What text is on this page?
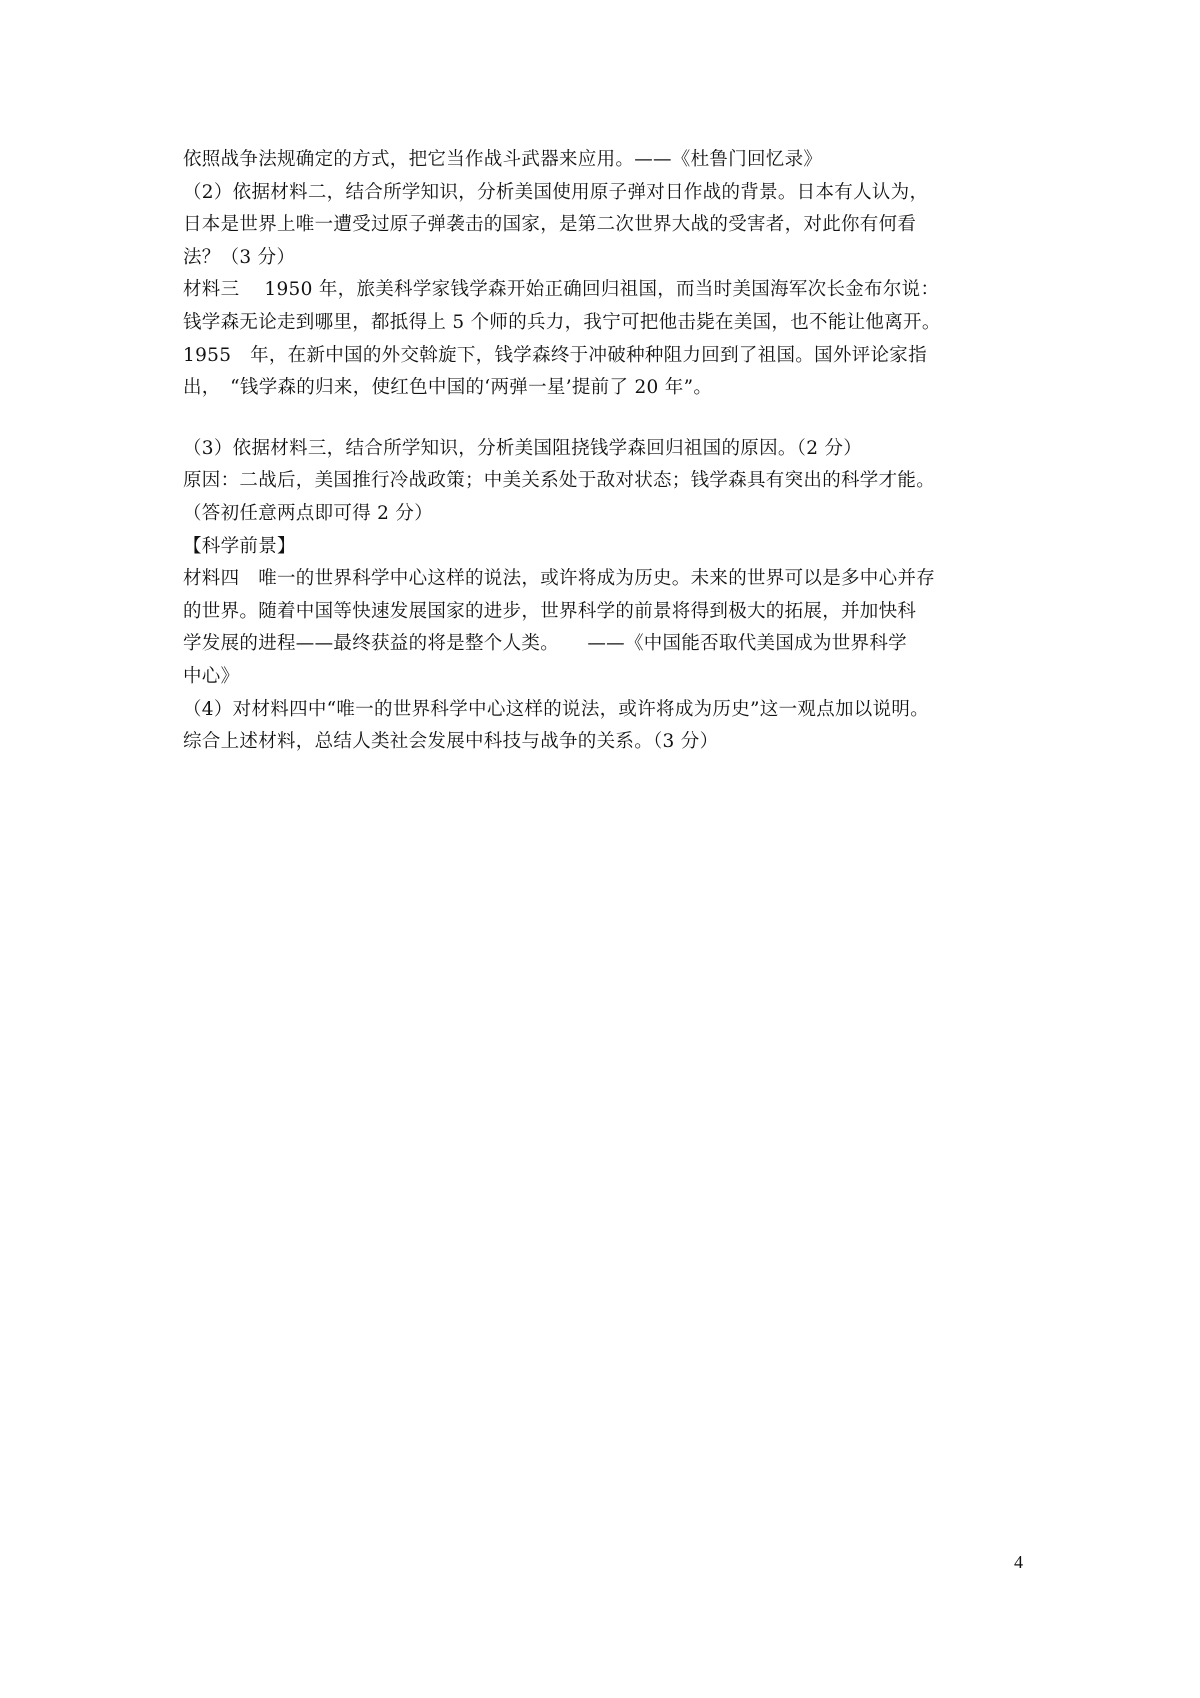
依照战争法规确定的方式，把它当作战斗武器来应用。——《杜鲁门回忆录》
（2）依据材料二，结合所学知识，分析美国使用原子弹对日作战的背景。日本有人认为，
日本是世界上唯一遭受过原子弹袭击的国家，是第二次世界大战的受害者，对此你有何看
法？（3 分）
材料三　 1950 年，旅美科学家钱学森开始正确回归祖国，而当时美国海军次长金布尔说：
钱学森无论走到哪里，都抵得上 5 个师的兵力，我宁可把他击毙在美国，也不能让他离开。
1955　年，在新中国的外交斡旋下，钱学森终于冲破种种阻力回到了祖国。国外评论家指
出，　“钱学森的归来，使红色中国的‘两弹一星’提前了 20 年”。
（3）依据材料三，结合所学知识，分析美国阻挠钱学森回归祖国的原因。（2 分）
原因：二战后，美国推行冷战政策；中美关系处于敌对状态；钱学森具有突出的科学才能。
（答初任意两点即可得 2 分）
【科学前景】
材料四　唯一的世界科学中心这样的说法，或许将成为历史。未来的世界可以是多中心并存
的世界。随着中国等快速发展国家的进步，世界科学的前景将得到极大的拓展，并加快科
学发展的进程——最终获益的将是整个人类。　　——《中国能否取代美国成为世界科学
中心》
（4）对材料四中“唯一的世界科学中心这样的说法，或许将成为历史”这一观点加以说明。
综合上述材料，总结人类社会发展中科技与战争的关系。（3 分）
4
